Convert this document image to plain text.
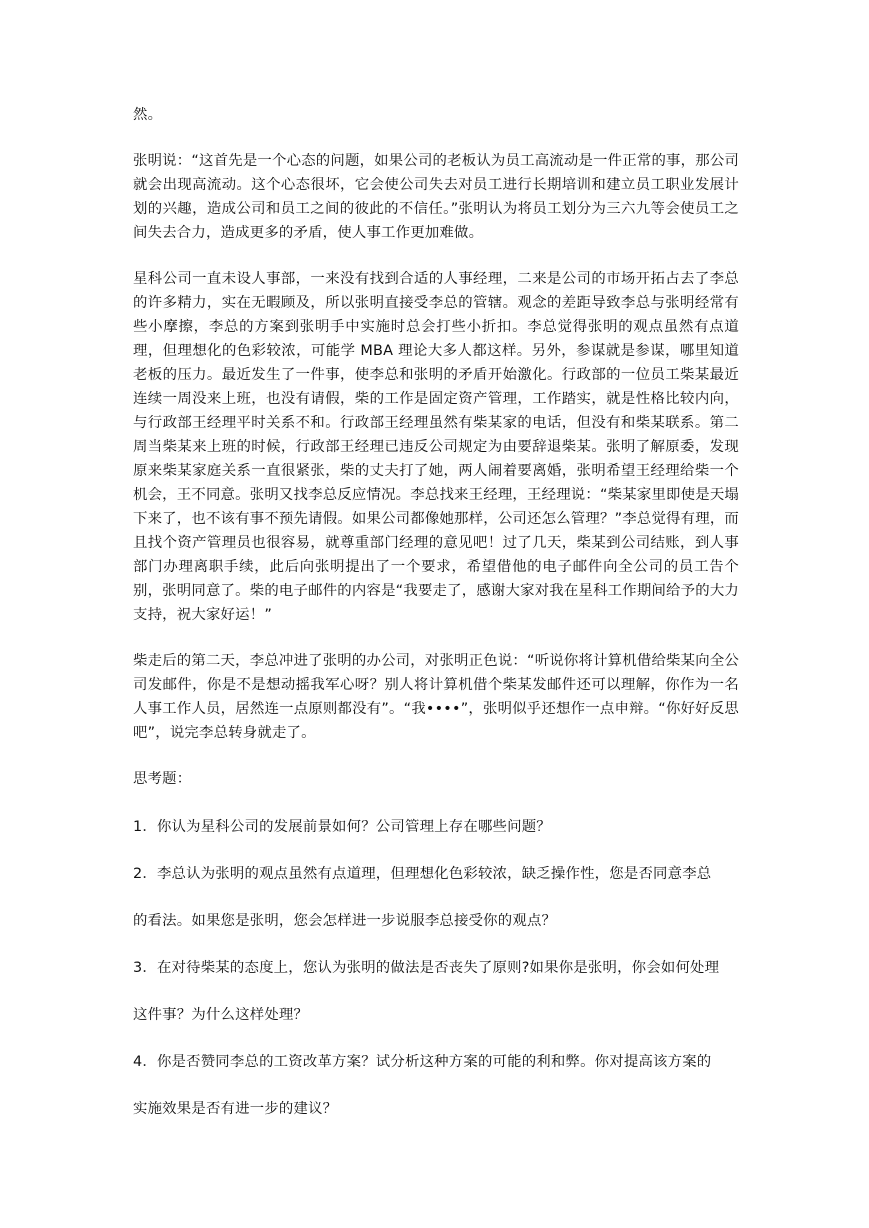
然。

张明说：“这首先是一个心态的问题，如果公司的老板认为员工高流动是一件正常的事，那公司就会出现高流动。这个心态很坏，它会使公司失去对员工进行长期培训和建立员工职业发展计划的兴趣，造成公司和员工之间的彼此的不信任。”张明认为将员工划分为三六九等会使员工之间失去合力，造成更多的矛盾，使人事工作更加难做。

星科公司一直未设人事部，一来没有找到合适的人事经理，二来是公司的市场开拓占去了李总的许多精力，实在无暇顾及，所以张明直接受李总的管辖。观念的差距导致李总与张明经常有些小摩擦，李总的方案到张明手中实施时总会打些小折扣。李总觉得张明的观点虽然有点道理，但理想化的色彩较浓，可能学 MBA 理论大多人都这样。另外，参谋就是参谋，哪里知道老板的压力。最近发生了一件事，使李总和张明的矛盾开始激化。行政部的一位员工柴某最近连续一周没来上班，也没有请假，柴的工作是固定资产管理，工作踏实，就是性格比较内向，与行政部王经理平时关系不和。行政部王经理虽然有柴某家的电话，但没有和柴某联系。第二周当柴某来上班的时候，行政部王经理已违反公司规定为由要辞退柴某。张明了解原委，发现原来柴某家庭关系一直很紧张，柴的丈夫打了她，两人闹着要离婚，张明希望王经理给柴一个机会，王不同意。张明又找李总反应情况。李总找来王经理，王经理说：“柴某家里即使是天塌下来了，也不该有事不预先请假。如果公司都像她那样，公司还怎么管理？”李总觉得有理，而且找个资产管理员也很容易，就尊重部门经理的意见吧！过了几天，柴某到公司结账，到人事部门办理离职手续，此后向张明提出了一个要求，希望借他的电子邮件向全公司的员工告个别，张明同意了。柴的电子邮件的内容是“我要走了，感谢大家对我在星科工作期间给予的大力支持，祝大家好运！”

柴走后的第二天，李总冲进了张明的办公司，对张明正色说：“听说你将计算机借给柴某向全公司发邮件，你是不是想动摇我军心呀？别人将计算机借个柴某发邮件还可以理解，你作为一名人事工作人员，居然连一点原则都没有”。“我••••”，张明似乎还想作一点申辩。“你好好反思吧”，说完李总转身就走了。

思考题：

1．你认为星科公司的发展前景如何？公司管理上存在哪些问题？

2．李总认为张明的观点虽然有点道理，但理想化色彩较浓，缺乏操作性，您是否同意李总

的看法。如果您是张明，您会怎样进一步说服李总接受你的观点？

3．在对待柴某的态度上，您认为张明的做法是否丧失了原则?如果你是张明，你会如何处理

这件事？为什么这样处理？

4．你是否赞同李总的工资改革方案？试分析这种方案的可能的利和弊。你对提高该方案的

实施效果是否有进一步的建议？
